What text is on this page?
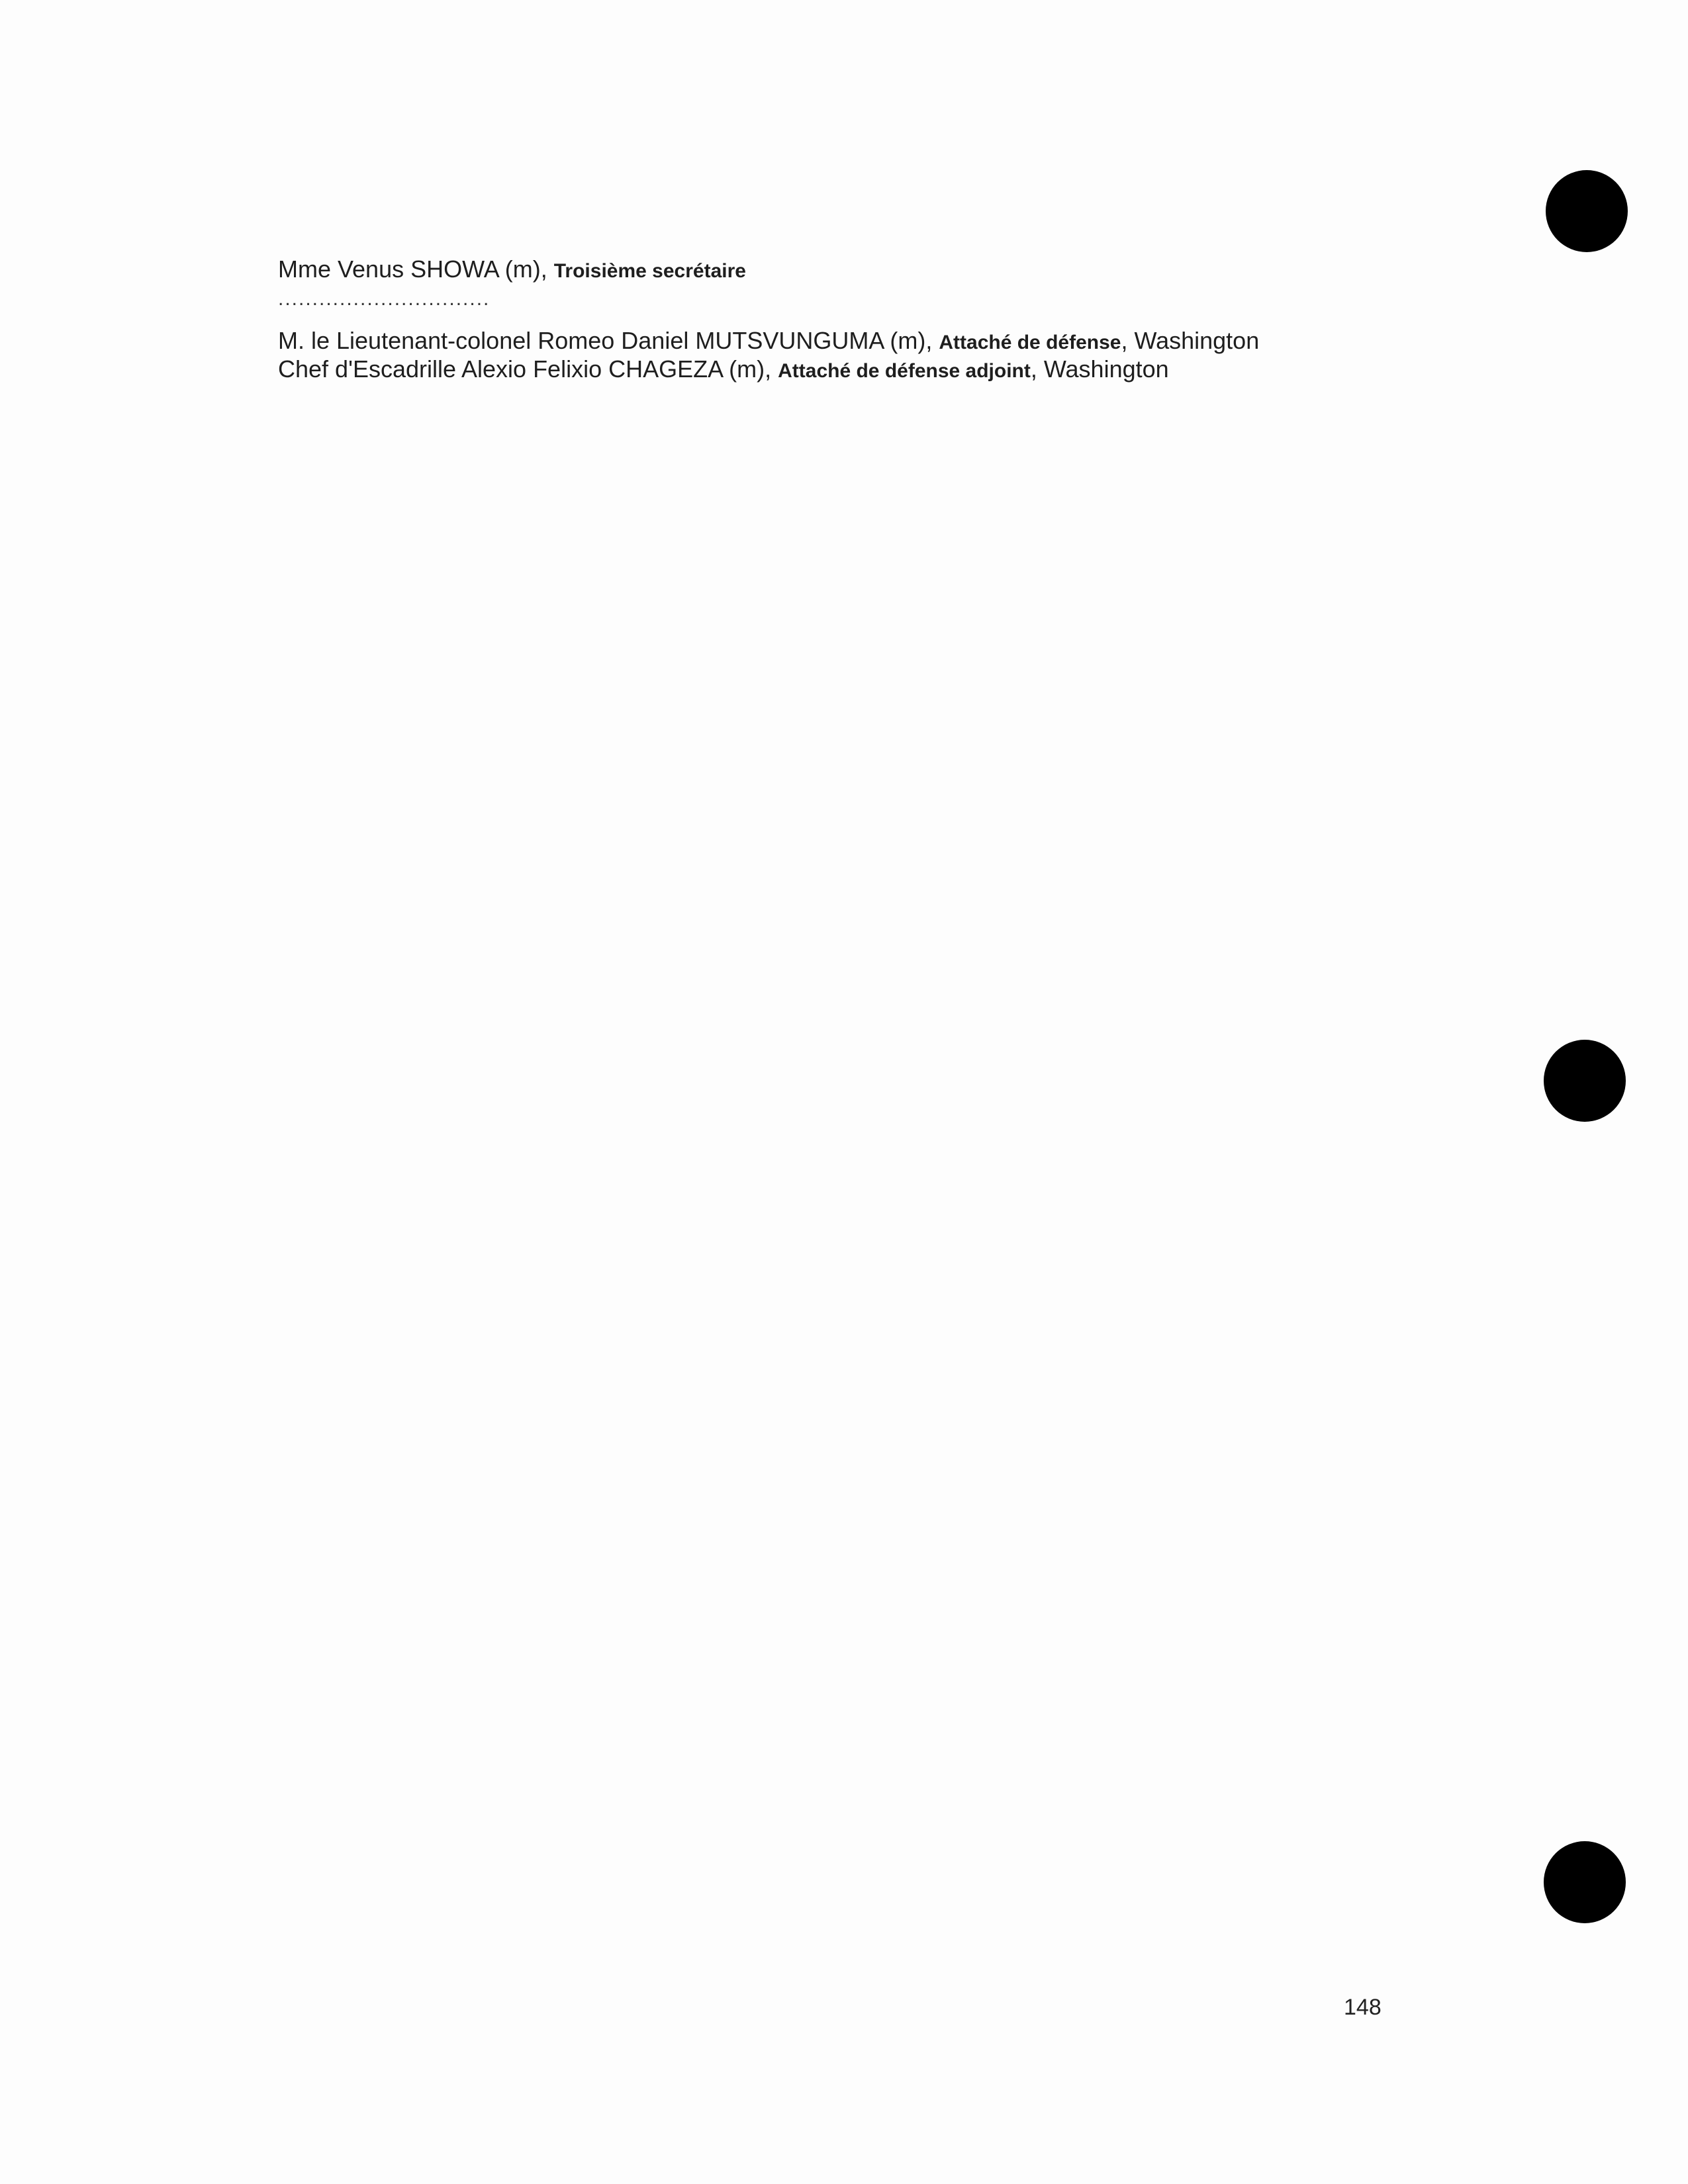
Mme Venus SHOWA (m), Troisième secrétaire
...............................
M. le Lieutenant-colonel Romeo Daniel MUTSVUNGUMA (m), Attaché de défense, Washington
Chef d'Escadrille Alexio Felixio CHAGEZA (m), Attaché de défense adjoint, Washington
148
